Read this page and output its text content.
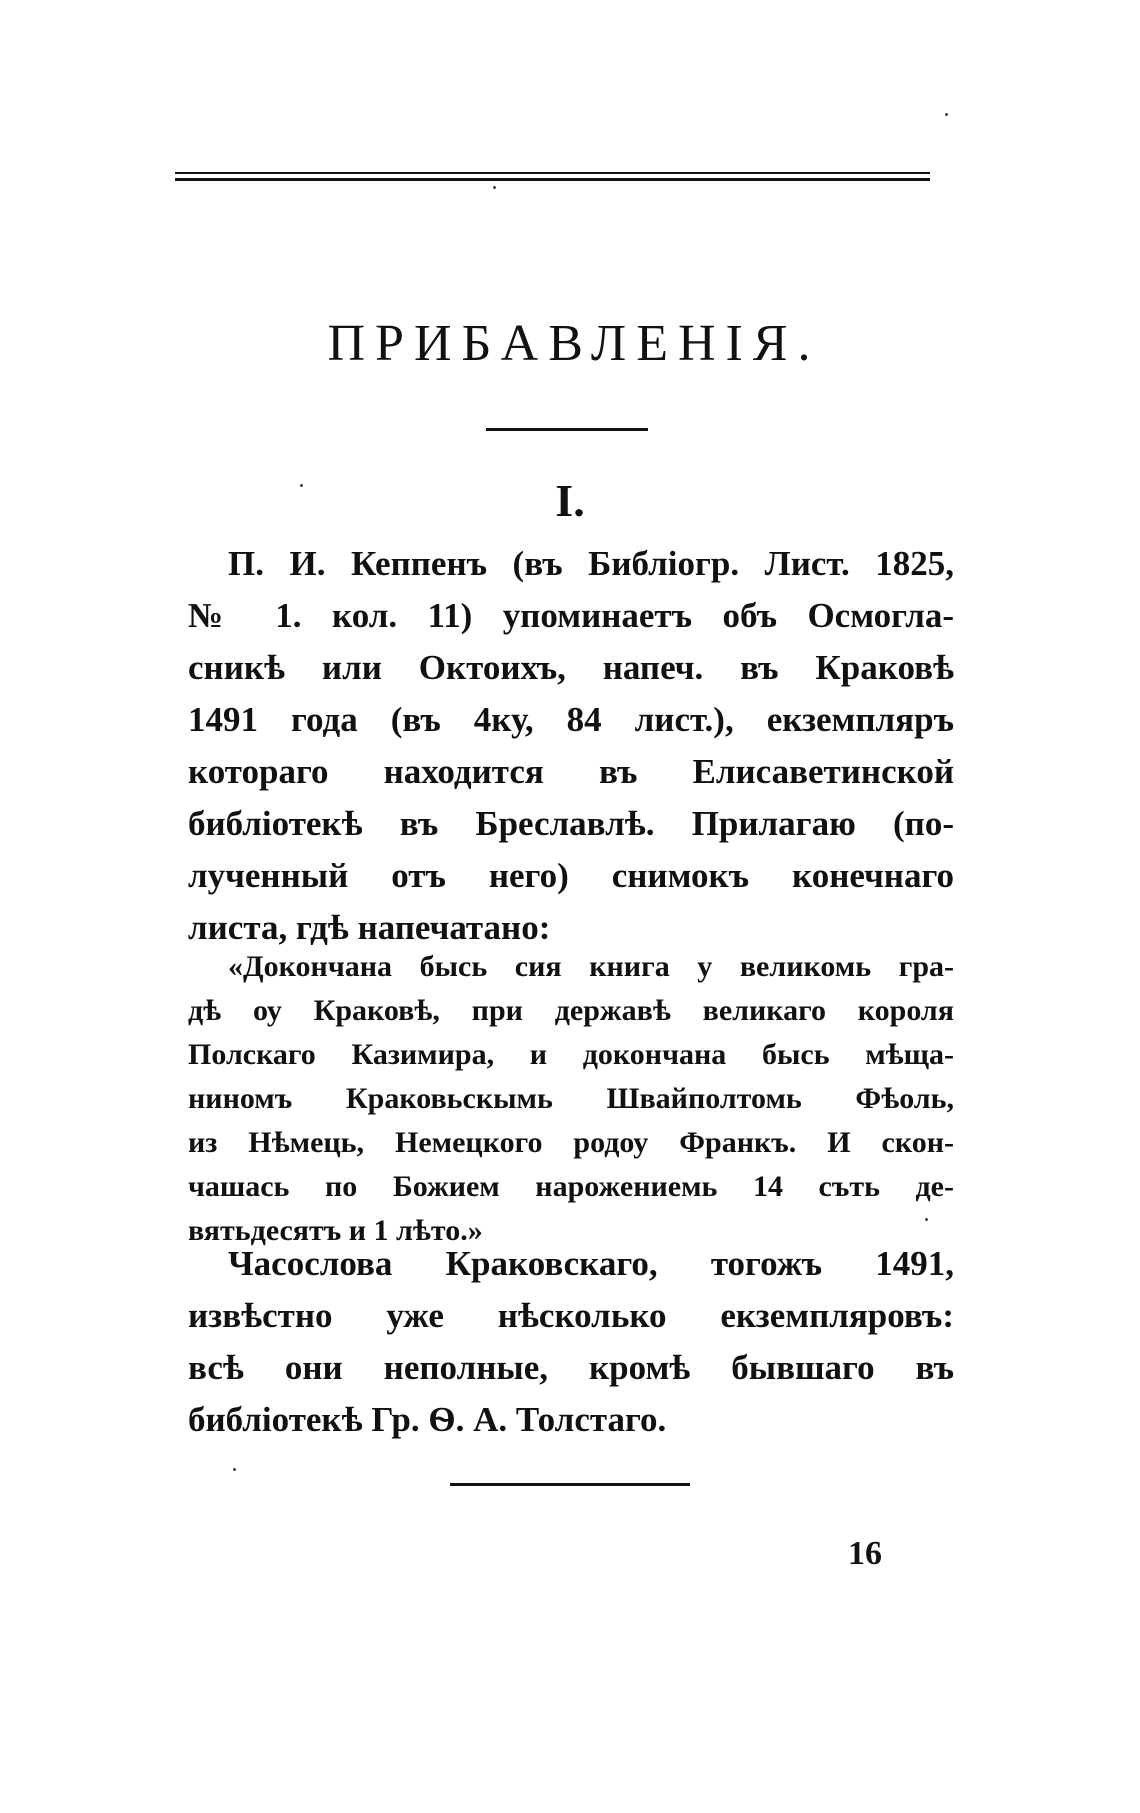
ПРИБАВЛЕНІЯ.
I.
П. И. Кеппенъ (въ Библіогр. Лист. 1825,
№ 1. кол. 11) упоминаетъ объ Осмогла-
сникѣ или Октоихъ, напеч. въ Краковѣ
1491 года (въ 4ку, 84 лист.), екземпляръ
котораго находится въ Елисаветинской
библіотекѣ въ Бреславлѣ. Прилагаю (по-
лученный отъ него) снимокъ конечнаго
листа, гдѣ напечатано:
«Докончана бысь сия книга у великомь гра-
дѣ оу Краковѣ, при державѣ великаго короля
Полскаго Казимира, и докончана бысь мѣща-
ниномъ Краковьскымь Швайполтомь Фѣоль,
из Нѣмець, Немецкого родоу Франкъ. И скон-
чашась по Божием нарожениемь 14 съть де-
вятьдесятъ и 1 лѣто.»
Часослова Краковскаго, тогожъ 1491,
извѣстно уже нѣсколько екземпляровъ:
всѣ они неполные, кромѣ бывшаго въ
библіотекѣ Гр. Ѳ. А. Толстаго.
16
